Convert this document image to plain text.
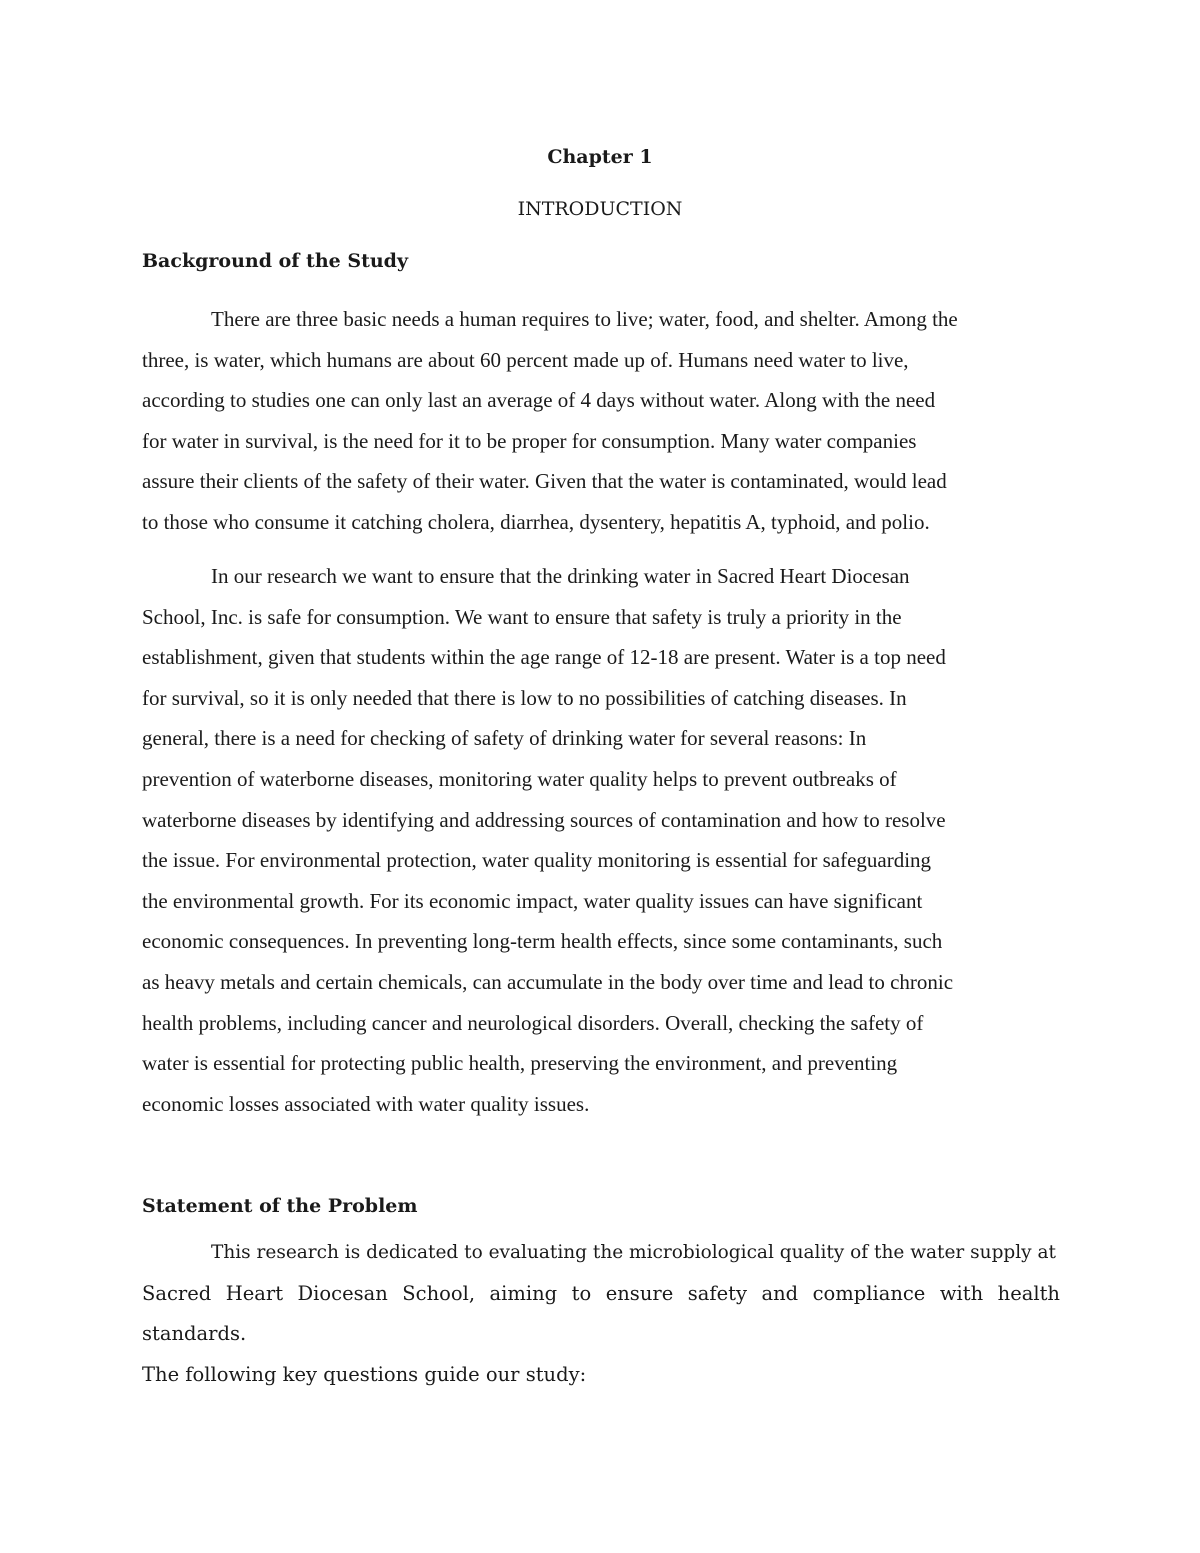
Chapter 1
INTRODUCTION
Background of the Study

There are three basic needs a human requires to live; water, food, and shelter. Among the
three, is water, which humans are about 60 percent made up of. Humans need water to live,
according to studies one can only last an average of 4 days without water. Along with the need
for water in survival, is the need for it to be proper for consumption. Many water companies
assure their clients of the safety of their water. Given that the water is contaminated, would lead
to those who consume it catching cholera, diarrhea, dysentery, hepatitis A, typhoid, and polio.

In our research we want to ensure that the drinking water in Sacred Heart Diocesan
School, Inc. is safe for consumption. We want to ensure that safety is truly a priority in the
establishment, given that students within the age range of 12-18 are present. Water is a top need
for survival, so it is only needed that there is low to no possibilities of catching diseases. In
general, there is a need for checking of safety of drinking water for several reasons: In
prevention of waterborne diseases, monitoring water quality helps to prevent outbreaks of
waterborne diseases by identifying and addressing sources of contamination and how to resolve
the issue. For environmental protection, water quality monitoring is essential for safeguarding
the environmental growth. For its economic impact, water quality issues can have significant
economic consequences. In preventing long-term health effects, since some contaminants, such
as heavy metals and certain chemicals, can accumulate in the body over time and lead to chronic
health problems, including cancer and neurological disorders. Overall, checking the safety of
water is essential for protecting public health, preserving the environment, and preventing
economic losses associated with water quality issues.

Statement of the Problem

This research is dedicated to evaluating the microbiological quality of the water supply at
Sacred Heart Diocesan School, aiming to ensure safety and compliance with health standards.
The following key questions guide our study:
